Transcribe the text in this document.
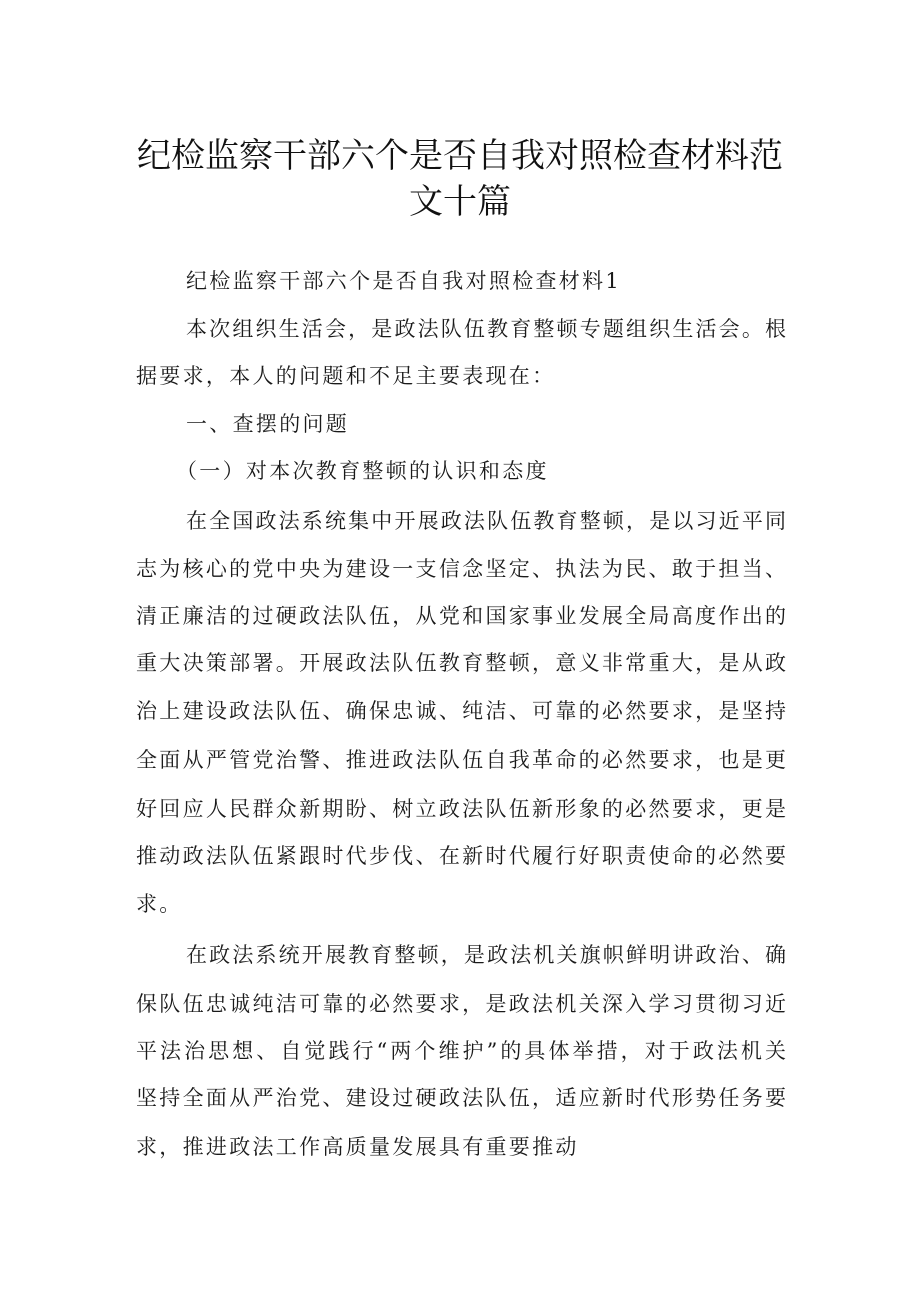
纪检监察干部六个是否自我对照检查材料范
文十篇
纪检监察干部六个是否自我对照检查材料1
本次组织生活会，是政法队伍教育整顿专题组织生活会。根
据要求，本人的问题和不足主要表现在：
一、查摆的问题
（一）对本次教育整顿的认识和态度
在全国政法系统集中开展政法队伍教育整顿，是以习近平同
志为核心的党中央为建设一支信念坚定、执法为民、敢于担当、
清正廉洁的过硬政法队伍，从党和国家事业发展全局高度作出的
重大决策部署。开展政法队伍教育整顿，意义非常重大，是从政
治上建设政法队伍、确保忠诚、纯洁、可靠的必然要求，是坚持
全面从严管党治警、推进政法队伍自我革命的必然要求，也是更
好回应人民群众新期盼、树立政法队伍新形象的必然要求，更是
推动政法队伍紧跟时代步伐、在新时代履行好职责使命的必然要
求。
在政法系统开展教育整顿，是政法机关旗帜鲜明讲政治、确
保队伍忠诚纯洁可靠的必然要求，是政法机关深入学习贯彻习近
平法治思想、自觉践行“两个维护”的具体举措，对于政法机关
坚持全面从严治党、建设过硬政法队伍，适应新时代形势任务要
求，推进政法工作高质量发展具有重要推动
